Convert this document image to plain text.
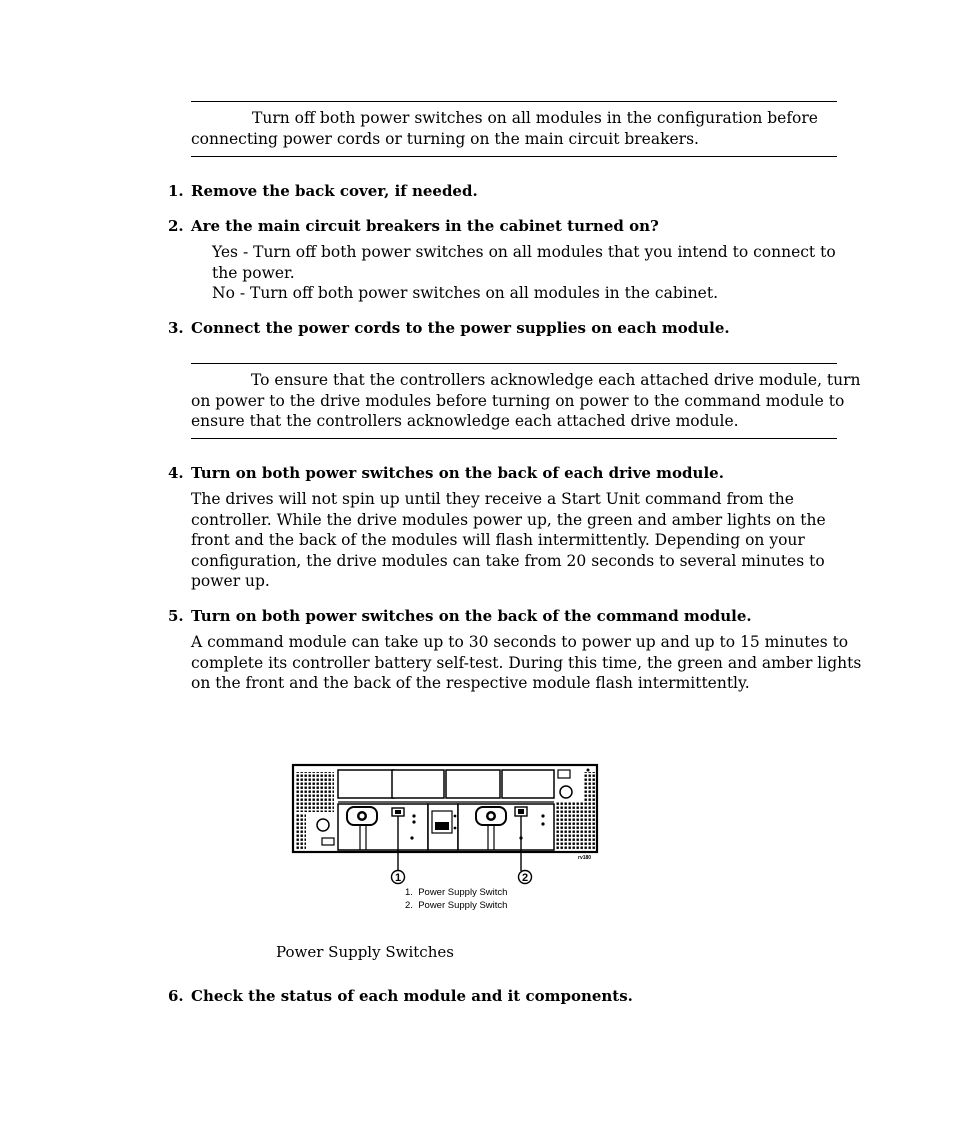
Turn off both power switches on all modules in the configuration before
connecting power cords or turning on the main circuit breakers.
1. Remove the back cover, if needed.
2. Are the main circuit breakers in the cabinet turned on?
Yes - Turn off both power switches on all modules that you intend to connect to
the power.
No - Turn off both power switches on all modules in the cabinet.
3. Connect the power cords to the power supplies on each module.
To ensure that the controllers acknowledge each attached drive module, turn
on power to the drive modules before turning on power to the command module to
ensure that the controllers acknowledge each attached drive module.
4. Turn on both power switches on the back of each drive module.
The drives will not spin up until they receive a Start Unit command from the
controller. While the drive modules power up, the green and amber lights on the
front and the back of the modules will flash intermittently. Depending on your
configuration, the drive modules can take from 20 seconds to several minutes to
power up.
5. Turn on both power switches on the back of the command module.
A command module can take up to 30 seconds to power up and up to 15 minutes to
complete its controller battery self-test. During this time, the green and amber lights
on the front and the back of the respective module flash intermittently.
1	2
rv180
1.  Power Supply Switch
2.  Power Supply Switch
Power Supply Switches
6. Check the status of each module and it components.
